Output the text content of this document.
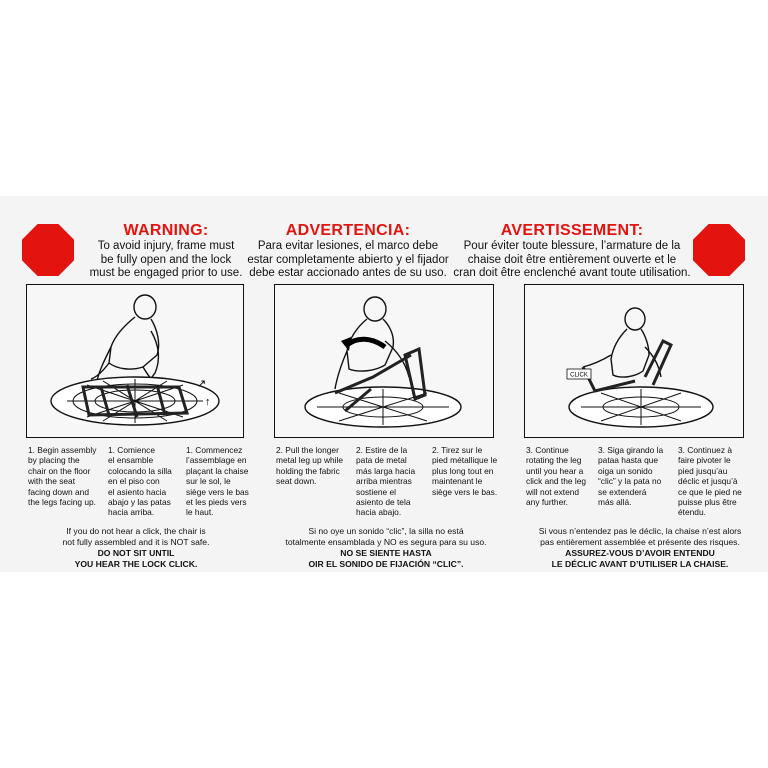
WARNING:
To avoid injury, frame must
be fully open and the lock
must be engaged prior to use.
ADVERTENCIA:
Para evitar lesiones, el marco debe
estar completamente abierto y el fijador
debe estar accionado antes de su uso.
AVERTISSEMENT:
Pour éviter toute blessure, l’armature de la
chaise doit être entièrement ouverte et le
cran doit être enclenché avant toute utilisation.
↗
↑
CLICK
1. Begin assembly
by placing the
chair on the floor
with the seat
facing down and
the legs facing up.
1. Comience
el ensamble
colocando la silla
en el piso con
el asiento hacia
abajo y las patas
hacia arriba.
1. Commencez
l’assemblage en
plaçant la chaise
sur le sol, le
siège vers le bas
et les pieds vers
le haut.
2. Pull the longer
metal leg up while
holding the fabric
seat down.
2. Estire de la
pata de metal
más larga hacia
arriba mientras
sostiene el
asiento de tela
hacia abajo.
2. Tirez sur le
pied métallique le
plus long tout en
maintenant le
siège vers le bas.
3. Continue
rotating the leg
until you hear a
click and the leg
will not extend
any further.
3. Siga girando la
pataa hasta que
oiga un sonido
“clic” y la pata no
se extenderá
más allá.
3. Continuez à
faire pivoter le
pied jusqu’au
déclic et jusqu’à
ce que le pied ne
puisse plus être
étendu.
If you do not hear a click, the chair is
not fully assembled and it is NOT safe.
DO NOT SIT UNTIL
YOU HEAR THE LOCK CLICK.
Si no oye un sonido “clic”, la silla no está
totalmente ensamblada y NO es segura para su uso.
NO SE SIENTE HASTA
OIR EL SONIDO DE FIJACIÓN “CLIC”.
Si vous n’entendez pas le déclic, la chaise n’est alors
pas entièrement assemblée et présente des risques.
ASSUREZ-VOUS D’AVOIR ENTENDU
LE DÉCLIC AVANT D’UTILISER LA CHAISE.
